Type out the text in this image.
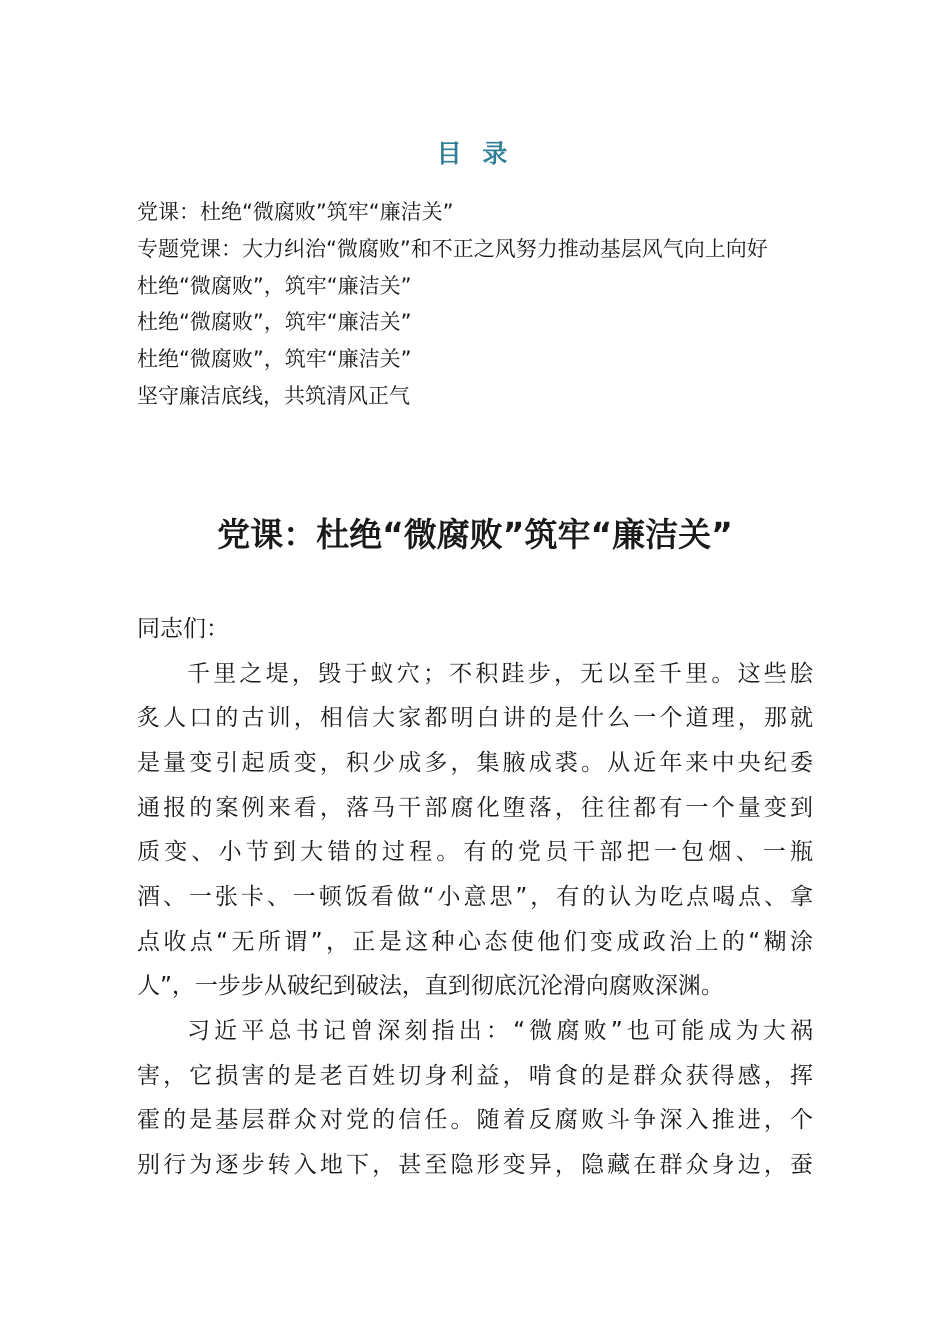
目 录
党课：杜绝“微腐败”筑牢“廉洁关”
专题党课：大力纠治“微腐败”和不正之风努力推动基层风气向上向好
杜绝“微腐败”，筑牢“廉洁关”
杜绝“微腐败”，筑牢“廉洁关”
杜绝“微腐败”，筑牢“廉洁关”
坚守廉洁底线，共筑清风正气
党课：杜绝“微腐败”筑牢“廉洁关”
同志们：
千里之堤，毁于蚁穴；不积跬步，无以至千里。这些脍
炙人口的古训，相信大家都明白讲的是什么一个道理，那就
是量变引起质变，积少成多，集腋成裘。从近年来中央纪委
通报的案例来看，落马干部腐化堕落，往往都有一个量变到
质变、小节到大错的过程。有的党员干部把一包烟、一瓶
酒、一张卡、一顿饭看做“小意思”，有的认为吃点喝点、拿
点收点“无所谓”，正是这种心态使他们变成政治上的“糊涂
人”，一步步从破纪到破法，直到彻底沉沦滑向腐败深渊。
习近平总书记曾深刻指出：“微腐败”也可能成为大祸
害，它损害的是老百姓切身利益，啃食的是群众获得感，挥
霍的是基层群众对党的信任。随着反腐败斗争深入推进，个
别行为逐步转入地下，甚至隐形变异，隐藏在群众身边，蚕
